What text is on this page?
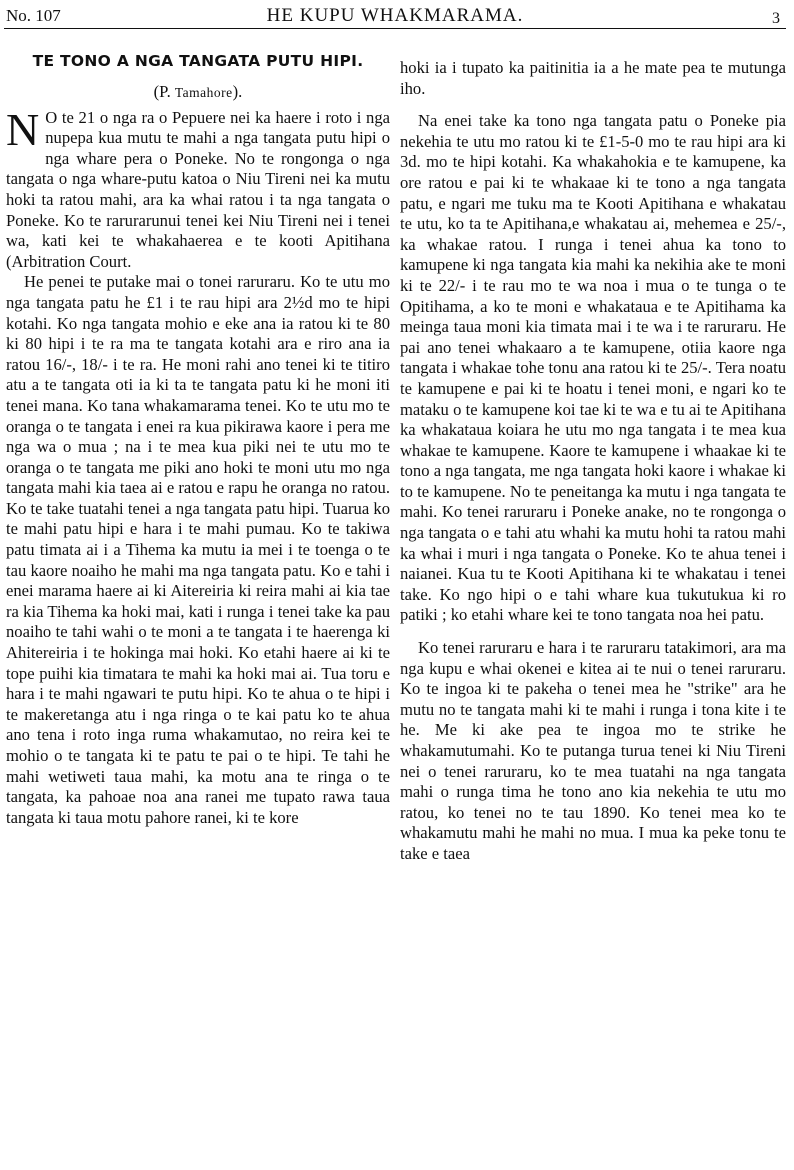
No. 107	HE KUPU WHAKMARAMA.	3
TE TONO A NGA TANGATA PUTU HIPI.
(P. Tamahore).

N O te 21 o nga ra o Pepuere nei ka haere i roto i nga nupepa kua mutu te mahi a nga tangata putu hipi o nga whare pera o Poneke. No te rongonga o nga tangata o nga whare-putu katoa o Niu Tireni nei ka mutu hoki ta ratou mahi, ara ka whai ratou i ta nga tangata o Poneke. Ko te rarurarunui tenei kei Niu Tireni nei i tenei wa, kati kei te whakahaerea e te kooti Apitihana (Arbitration Court.

He penei te putake mai o tonei raruraru. Ko te utu mo nga tangata patu he £1 i te rau hipi ara 2½d mo te hipi kotahi. Ko nga tangata mohio e eke ana ia ratou ki te 80 ki 80 hipi i te ra ma te tangata kotahi ara e riro ana ia ratou 16/-, 18/- i te ra. He moni rahi ano tenei ki te titiro atu a te tangata oti ia ki ta te tangata patu ki he moni iti tenei mana. Ko tana whakamarama tenei. Ko te utu mo te oranga o te tangata i enei ra kua pikirawa kaore i pera me nga wa o mua ; na i te mea kua piki nei te utu mo te oranga o te tangata me piki ano hoki te moni utu mo nga tangata mahi kia taea ai e ratou e rapu he oranga no ratou. Ko te take tuatahi tenei a nga tangata patu hipi. Tuarua ko te mahi patu hipi e hara i te mahi pumau. Ko te takiwa patu timata ai i a Tihema ka mutu ia mei i te toenga o te tau kaore noaiho he mahi ma nga tangata patu. Ko e tahi i enei marama haere ai ki Aitereiria ki reira mahi ai kia tae ra kia Tihema ka hoki mai, kati i runga i tenei take ka pau noaiho te tahi wahi o te moni a te tangata i te haerenga ki Ahitereiria i te hokinga mai hoki. Ko etahi haere ai ki te tope puihi kia timatara te mahi ka hoki mai ai. Tua toru e hara i te mahi ngawari te putu hipi. Ko te ahua o te hipi i te makeretanga atu i nga ringa o te kai patu ko te ahua ano tena i roto inga ruma whakamutao, no reira kei te mohio o te tangata ki te patu te pai o te hipi. Te tahi he mahi wetiweti taua mahi, ka motu ana te ringa o te tangata, ka pahoae noa ana ranei me tupato rawa taua tangata ki taua motu pahore ranei, ki te kore

hoki ia i tupato ka paitinitia ia a he mate pea te mutunga iho.

Na enei take ka tono nga tangata patu o Poneke pia nekehia te utu mo ratou ki te £1-5-0 mo te rau hipi ara ki 3d. mo te hipi kotahi. Ka whakahokia e te kamupene, ka ore ratou e pai ki te whakaae ki te tono a nga tangata patu, e ngari me tuku ma te Kooti Apitihana e whakatau te utu, ko ta te Apitihana,e whakatau ai, mehemea e 25/-, ka whakae ratou. I runga i tenei ahua ka tono to kamupene ki nga tangata kia mahi ka nekihia ake te moni ki te 22/- i te rau mo te wa noa i mua o te tunga o te Opitihama, a ko te moni e whakataua e te Apitihama ka meinga taua moni kia timata mai i te wa i te raruraru. He pai ano tenei whakaaro a te kamupene, otiia kaore nga tangata i whakae tohe tonu ana ratou ki te 25/-. Tera noatu te kamupene e pai ki te hoatu i tenei moni, e ngari ko te mataku o te kamupene koi tae ki te wa e tu ai te Apitihana ka whakataua koiara he utu mo nga tangata i te mea kua whakae te kamupene. Kaore te kamupene i whaakae ki te tono a nga tangata, me nga tangata hoki kaore i whakae ki to te kamupene. No te peneitanga ka mutu i nga tangata te mahi. Ko tenei raruraru i Poneke anake, no te rongonga o nga tangata o e tahi atu whahi ka mutu hohi ta ratou mahi ka whai i muri i nga tangata o Poneke. Ko te ahua tenei i naianei. Kua tu te Kooti Apitihana ki te whakatau i tenei take. Ko ngo hipi o e tahi whare kua tukutukua ki ro patiki ; ko etahi whare kei te tono tangata noa hei patu.

Ko tenei raruraru e hara i te raruraru tatakimori, ara ma nga kupu e whai okenei e kitea ai te nui o tenei raruraru. Ko te ingoa ki te pakeha o tenei mea he "strike" ara he mutu no te tangata mahi ki te mahi i runga i tona kite i te he. Me ki ake pea te ingoa mo te strike he whakamutumahi. Ko te putanga turua tenei ki Niu Tireni nei o tenei raruraru, ko te mea tuatahi na nga tangata mahi o runga tima he tono ano kia nekehia te utu mo ratou, ko tenei no te tau 1890. Ko tenei mea ko te whakamutu mahi he mahi no mua. I mua ka peke tonu te take e taea
